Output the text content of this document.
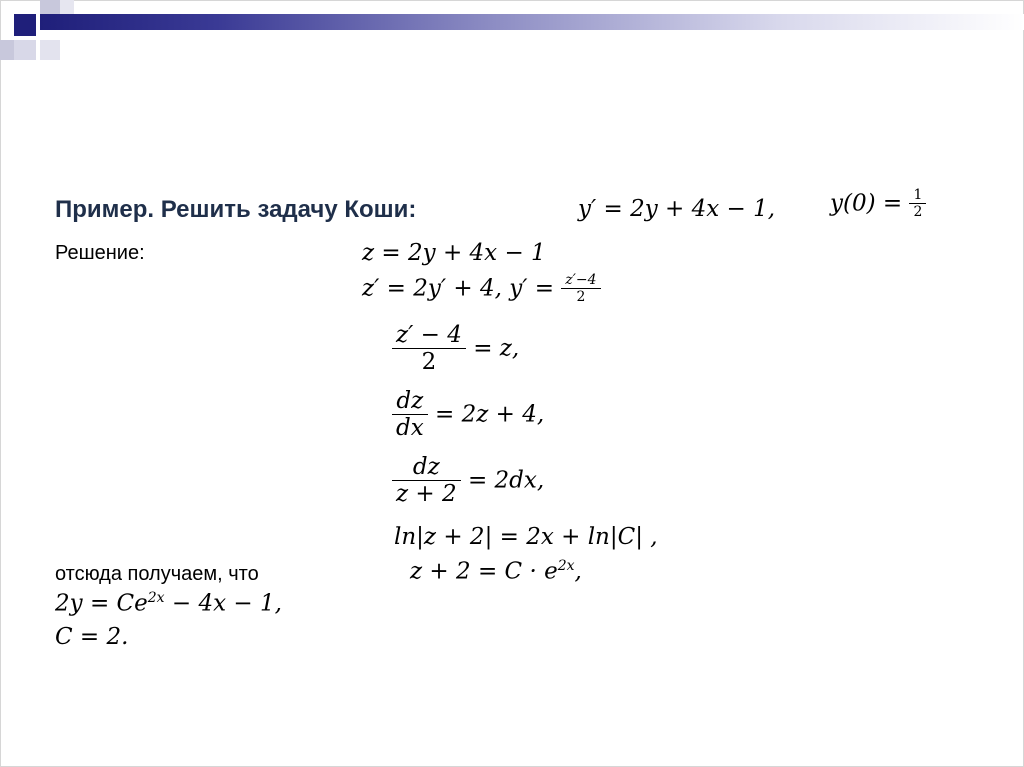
Пример. Решить задачу Коши:	y′ = 2y + 4x − 1, $y(0) = \frac{1}{2}$
Решение:	z = 2y + 4x − 1
z′ = 2y′ + 4, $y' = \frac{z'-4}{2}$
$\frac{z' - 4}{2} = z$,
$\frac{dz}{dx} = 2z + 4$,
$\frac{dz}{z + 2} = 2dx$,
ln|z + 2| = 2x + ln|C| ,
отсюда получаем, что	$z + 2 = C \cdot e^{2x}$,
$2y = Ce^{2x} - 4x - 1$,
C = 2.
